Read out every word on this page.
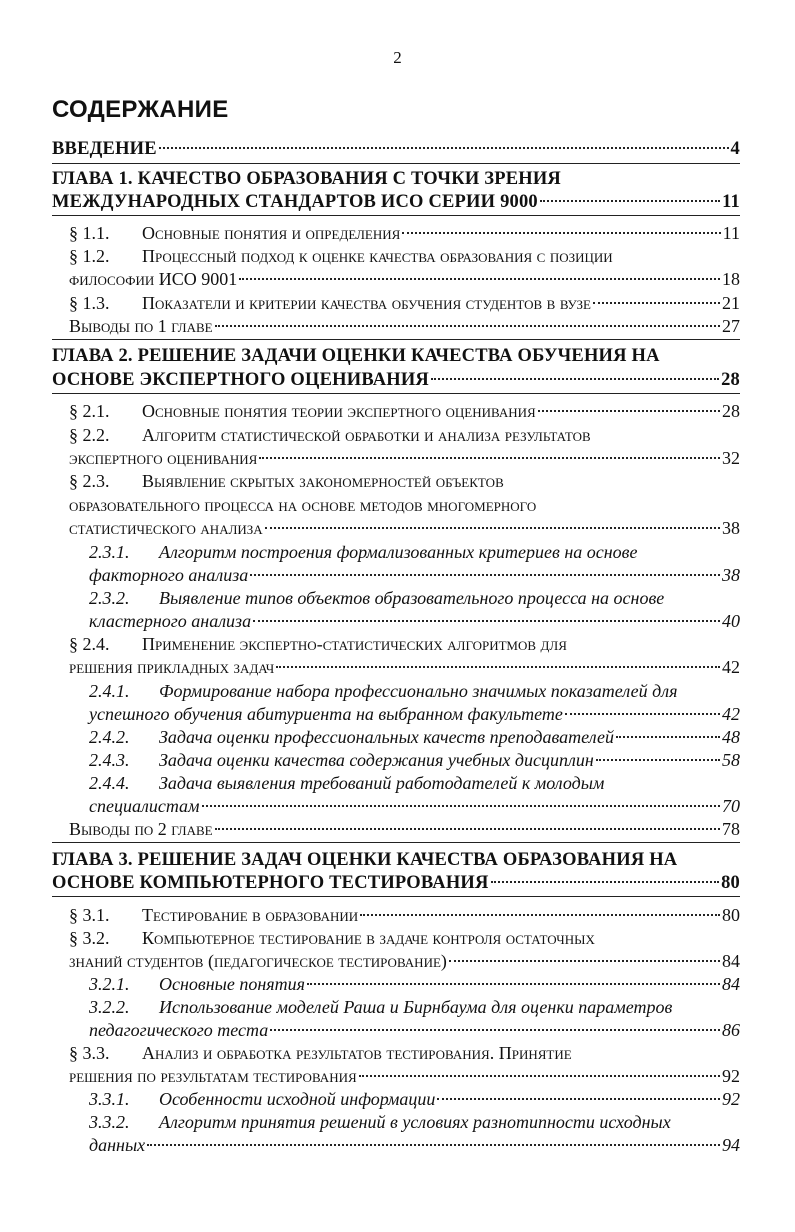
2
СОДЕРЖАНИЕ
ВВЕДЕНИЕ	4
ГЛАВА 1. КАЧЕСТВО ОБРАЗОВАНИЯ С ТОЧКИ ЗРЕНИЯ
МЕЖДУНАРОДНЫХ СТАНДАРТОВ ИСО СЕРИИ 9000	11
§ 1.1.	Основные понятия и определения	11
§ 1.2.	Процессный подход к оценке качества образования с позиции
философии ИСО 9001	18
§ 1.3.	Показатели и критерии качества обучения студентов в вузе	21
Выводы по 1 главе	27
ГЛАВА 2. РЕШЕНИЕ ЗАДАЧИ ОЦЕНКИ КАЧЕСТВА ОБУЧЕНИЯ НА
ОСНОВЕ ЭКСПЕРТНОГО ОЦЕНИВАНИЯ	28
§ 2.1.	Основные понятия теории экспертного оценивания	28
§ 2.2.	Алгоритм статистической обработки и анализа результатов
экспертного оценивания	32
§ 2.3.	Выявление скрытых закономерностей объектов
образовательного процесса на основе методов многомерного
статистического анализа	38
2.3.1.	Алгоритм построения формализованных критериев на основе
факторного анализа	38
2.3.2.	Выявление типов объектов образовательного процесса на основе
кластерного анализа	40
§ 2.4.	Применение экспертно-статистических алгоритмов для
решения прикладных задач	42
2.4.1.	Формирование набора профессионально значимых показателей для
успешного обучения абитуриента на выбранном факультете	42
2.4.2.	Задача оценки профессиональных качеств преподавателей	48
2.4.3.	Задача оценки качества содержания учебных дисциплин	58
2.4.4.	Задача выявления требований работодателей к молодым
специалистам	70
Выводы по 2 главе	78
ГЛАВА 3. РЕШЕНИЕ ЗАДАЧ ОЦЕНКИ КАЧЕСТВА ОБРАЗОВАНИЯ НА
ОСНОВЕ КОМПЬЮТЕРНОГО ТЕСТИРОВАНИЯ	80
§ 3.1.	Тестирование в образовании	80
§ 3.2.	Компьютерное тестирование в задаче контроля остаточных
знаний студентов (педагогическое тестирование)	84
3.2.1.	Основные понятия	84
3.2.2.	Использование моделей Раша и Бирнбаума для оценки параметров
педагогического теста	86
§ 3.3.	Анализ и обработка результатов тестирования. Принятие
решения по результатам тестирования	92
3.3.1.	Особенности исходной информации	92
3.3.2.	Алгоритм принятия решений в условиях разнотипности исходных
данных	94
